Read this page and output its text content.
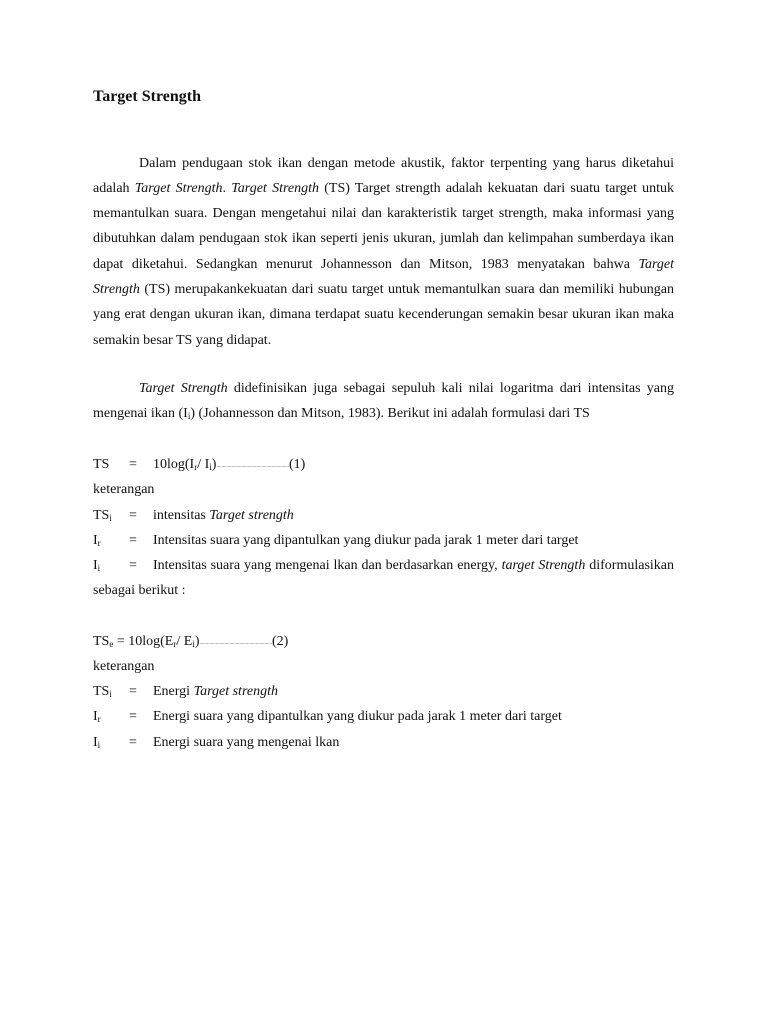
Target Strength

Dalam pendugaan stok ikan dengan metode akustik, faktor terpenting yang harus diketahui adalah Target Strength. Target Strength (TS) Target strength adalah kekuatan dari suatu target untuk memantulkan suara. Dengan mengetahui nilai dan karakteristik target strength, maka informasi yang dibutuhkan dalam pendugaan stok ikan seperti jenis ukuran, jumlah dan kelimpahan sumberdaya ikan dapat diketahui. Sedangkan menurut Johannesson dan Mitson, 1983 menyatakan bahwa Target Strength (TS) merupakankekuatan dari suatu target untuk memantulkan suara dan memiliki hubungan yang erat dengan ukuran ikan, dimana terdapat suatu kecenderungan semakin besar ukuran ikan maka semakin besar TS yang didapat.

Target Strength didefinisikan juga sebagai sepuluh kali nilai logaritma dari intensitas yang mengenai ikan $(I_i)$ (Johannesson dan Mitson, 1983). Berikut ini adalah formulasi dari TS

TS = $10\log(I_r/$ $I_i)..........................................................(1)$
keterangan
$TS_i$ = intensitas Target strength
$I_r$ = Intensitas suara yang dipantulkan yang diukur pada jarak 1 meter dari target

$I_i$ = Intensitas suara yang mengenai lkan dan berdasarkan energy, target Strength diformulasikan sebagai berikut :

$TS_e = 10\log(E_r/$ $E_i)..........................................................(2)$
keterangan
$TS_i$ = Energi Target strength
$I_r$ = Energi suara yang dipantulkan yang diukur pada jarak 1 meter dari target
$I_i$ = Energi suara yang mengenai lkan
